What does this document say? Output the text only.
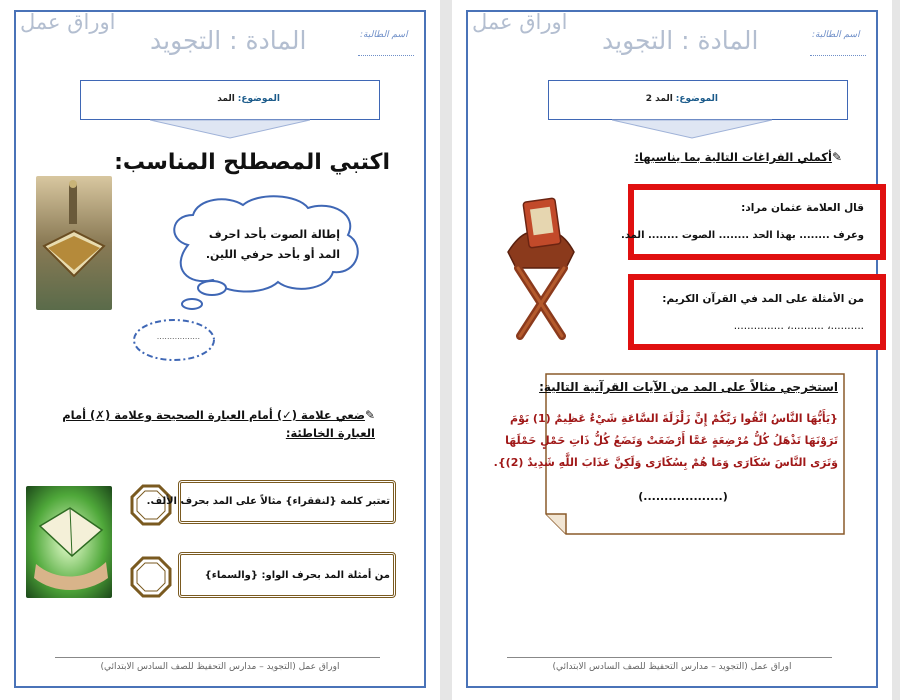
اسم الطالبة:
المادة : التجويد
اوراق عمل
الموضوع: المد
اكتبي المصطلح المناسب:
إطالة الصوت بأحد احرف
المد أو بأحد حرفي اللين.
.................
✎ضعي علامة (✓) أمام العبارة الصحيحة وعلامة (✗) أمام
العبارة الخاطئة:
تعتبر كلمة {لنفقراء} مثالاً على المد بحرف الألف.
من أمثلة المد بحرف الواو: {والسماء}
اوراق عمل (التجويد – مدارس التحفيظ للصف السادس الابتدائي)
اسم الطالبة:
المادة : التجويد
اوراق عمل
الموضوع: المد 2
✎أكملي الفراغات التالية بما يناسبها:
قال العلامة عثمان مراد:
وعرف ........ بهذا الحد ........ الصوت ........ المد.
من الأمثلة على المد في القرآن الكريم:
..........، ..........، ...............
استخرجي مثالاً على المد من الآيات القرآنية التالية:
{يَأَيُّهَا النَّاسُ اتَّقُوا رَبَّكُمْ إِنَّ زَلْزَلَةَ السَّاعَةِ شَيْءٌ عَظِيمٌ (1) يَوْمَ
تَرَوْنَهَا تَذْهَلُ كُلُّ مُرْضِعَةٍ عَمَّا أَرْضَعَتْ وَتَضَعُ كُلُّ ذَاتِ حَمْلٍ حَمْلَهَا
وَتَرَى النَّاسَ سُكَارَى وَمَا هُمْ بِسُكَارَى وَلَكِنَّ عَذَابَ اللَّهِ شَدِيدٌ (2)}.
(...................)
اوراق عمل (التجويد – مدارس التحفيظ للصف السادس الابتدائي)
